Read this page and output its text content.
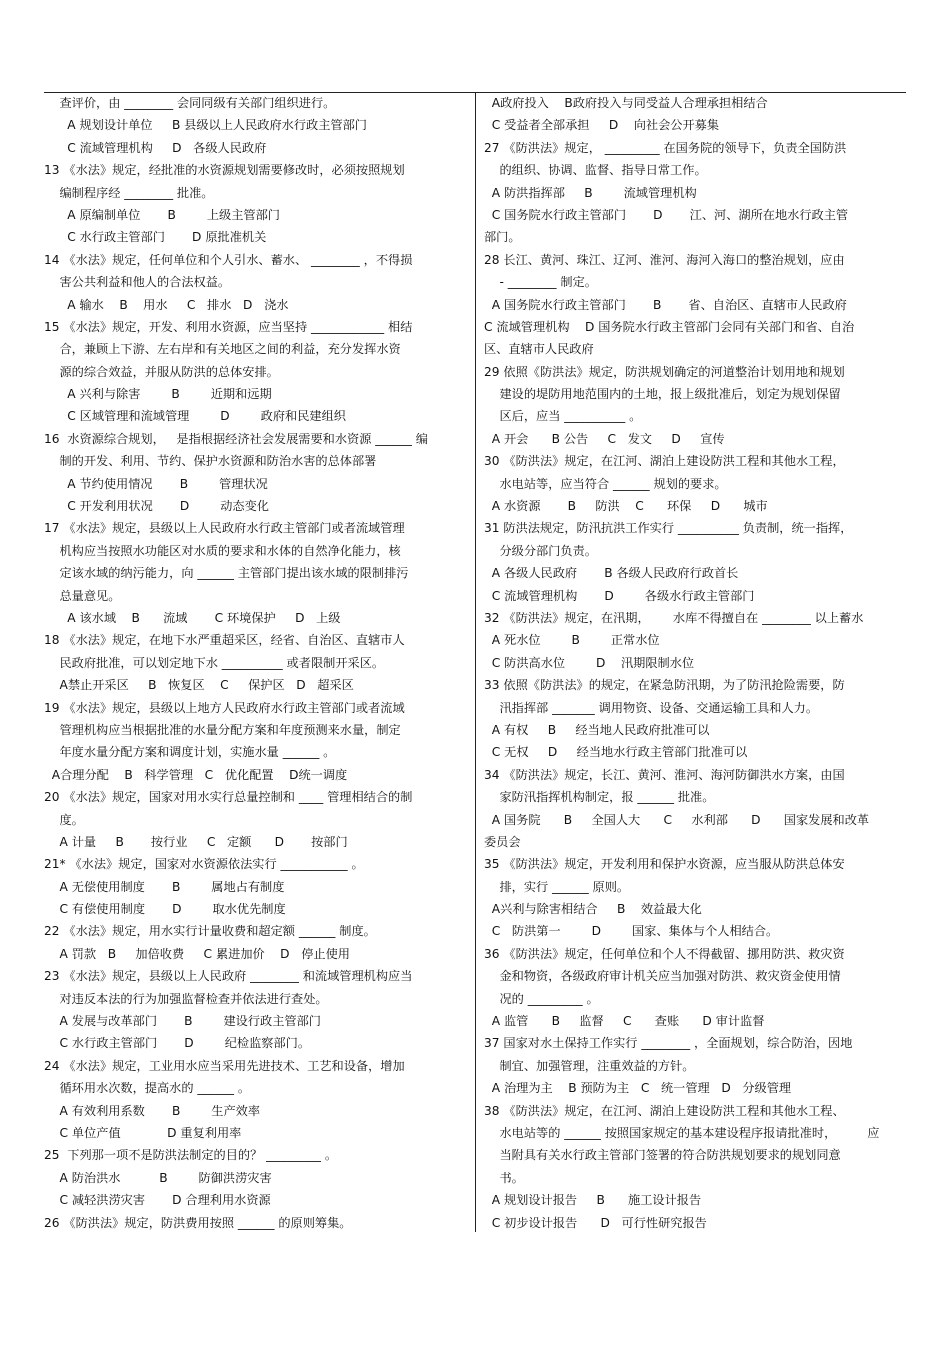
查评价，由 ________ 会同同级有关部门组织进行。
A 规划设计单位     B 县级以上人民政府水行政主管部门
C 流域管理机构     D   各级人民政府
13 《水法》规定，经批准的水资源规划需要修改时，必须按照规划
编制程序经 ________ 批准。
A 原编制单位       B        上级主管部门
C 水行政主管部门       D 原批准机关
14 《水法》规定，任何单位和个人引水、蓄水、 ________ ，不得损
害公共利益和他人的合法权益。
A 输水    B    用水     C   排水   D   浇水
15 《水法》规定，开发、利用水资源，应当坚持 ____________ 相结
合，兼顾上下游、左右岸和有关地区之间的利益，充分发挥水资
源的综合效益，并服从防洪的总体安排。
A 兴利与除害        B        近期和远期
C 区域管理和流域管理        D        政府和民建组织
16  水资源综合规划，   是指根据经济社会发展需要和水资源 ______ 编
制的开发、利用、节约、保护水资源和防治水害的总体部署
A 节约使用情况       B        管理状况
C 开发利用状况       D        动态变化
17 《水法》规定，县级以上人民政府水行政主管部门或者流域管理
机构应当按照水功能区对水质的要求和水体的自然净化能力，核
定该水域的纳污能力，向 ______ 主管部门提出该水域的限制排污
总量意见。
A 该水域    B      流域       C 环境保护     D   上级
18 《水法》规定，在地下水严重超采区，经省、自治区、直辖市人
民政府批准，可以划定地下水 __________ 或者限制开采区。
A禁止开采区     B   恢复区    C     保护区   D   超采区
19 《水法》规定，县级以上地方人民政府水行政主管部门或者流域
管理机构应当根据批准的水量分配方案和年度预测来水量，制定
年度水量分配方案和调度计划，实施水量 ______ 。
A合理分配    B   科学管理   C   优化配置    D统一调度
20 《水法》规定，国家对用水实行总量控制和 ____ 管理相结合的制
度。
A 计量     B       按行业     C   定额      D       按部门
21* 《水法》规定，国家对水资源依法实行 ___________ 。
A 无偿使用制度       B        属地占有制度
C 有偿使用制度       D        取水优先制度
22 《水法》规定，用水实行计量收费和超定额 ______ 制度。
A 罚款   B     加倍收费     C 累进加价    D   停止使用
23 《水法》规定，县级以上人民政府 ________ 和流域管理机构应当
对违反本法的行为加强监督检查并依法进行查处。
A 发展与改革部门       B        建设行政主管部门
C 水行政主管部门       D        纪检监察部门。
24 《水法》规定，工业用水应当采用先进技术、工艺和设备，增加
循环用水次数，提高水的 ______ 。
A 有效利用系数       B        生产效率
C 单位产值            D 重复利用率
25  下列那一项不是防洪法制定的目的？ _________ 。
A 防治洪水          B        防御洪涝灾害
C 减轻洪涝灾害       D 合理利用水资源
26 《防洪法》规定，防洪费用按照 ______ 的原则筹集。
A政府投入    B政府投入与同受益人合理承担相结合
C 受益者全部承担     D    向社会公开募集
27 《防洪法》规定， _________ 在国务院的领导下，负责全国防洪
的组织、协调、监督、指导日常工作。
A 防洪指挥部     B        流域管理机构
C 国务院水行政主管部门       D       江、河、湖所在地水行政主管
部门。
28 长江、黄河、珠江、辽河、淮河、海河入海口的整治规划，应由
- ________ 制定。
A 国务院水行政主管部门       B       省、自治区、直辖市人民政府
C 流域管理机构    D 国务院水行政主管部门会同有关部门和省、自治
区、直辖市人民政府
29 依照《防洪法》规定，防洪规划确定的河道整治计划用地和规划
建设的堤防用地范围内的土地，报上级批准后，划定为规划保留
区后，应当 __________ 。
A 开会      B 公告     C   发文     D     宣传
30 《防洪法》规定，在江河、湖泊上建设防洪工程和其他水工程，
水电站等，应当符合 ______ 规划的要求。
A 水资源       B     防洪    C      环保     D      城市
31 防洪法规定，防汛抗洪工作实行 __________ 负责制，统一指挥，
分级分部门负责。
A 各级人民政府       B 各级人民政府行政首长
C 流域管理机构       D        各级水行政主管部门
32 《防洪法》规定，在汛期，      水库不得擅自在 ________ 以上蓄水
A 死水位        B        正常水位
C 防洪高水位        D    汛期限制水位
33 依照《防洪法》的规定，在紧急防汛期，为了防汛抢险需要，防
汛指挥部 _______ 调用物资、设备、交通运输工具和人力。
A 有权     B     经当地人民政府批准可以
C 无权     D     经当地水行政主管部门批准可以
34 《防洪法》规定，长江、黄河、淮河、海河防御洪水方案，由国
家防汛指挥机构制定，报 ______ 批准。
A 国务院      B     全国人大      C     水利部      D      国家发展和改革
委员会
35 《防洪法》规定，开发利用和保护水资源，应当服从防洪总体安
排，实行 ______ 原则。
A兴利与除害相结合     B    效益最大化
C   防洪第一        D        国家、集体与个人相结合。
36 《防洪法》规定，任何单位和个人不得截留、挪用防洪、救灾资
金和物资，各级政府审计机关应当加强对防洪、救灾资金使用情
况的 _________ 。
A 监管      B     监督     C      查账      D 审计监督
37 国家对水土保持工作实行 ________ ，全面规划，综合防治，因地
制宜、加强管理，注重效益的方针。
A 治理为主    B 预防为主   C   统一管理   D   分级管理
38 《防洪法》规定，在江河、湖泊上建设防洪工程和其他水工程、
水电站等的 ______ 按照国家规定的基本建设程序报请批准时，        应
当附具有关水行政主管部门签署的符合防洪规划要求的规划同意
书。
A 规划设计报告     B      施工设计报告
C 初步设计报告      D   可行性研究报告
